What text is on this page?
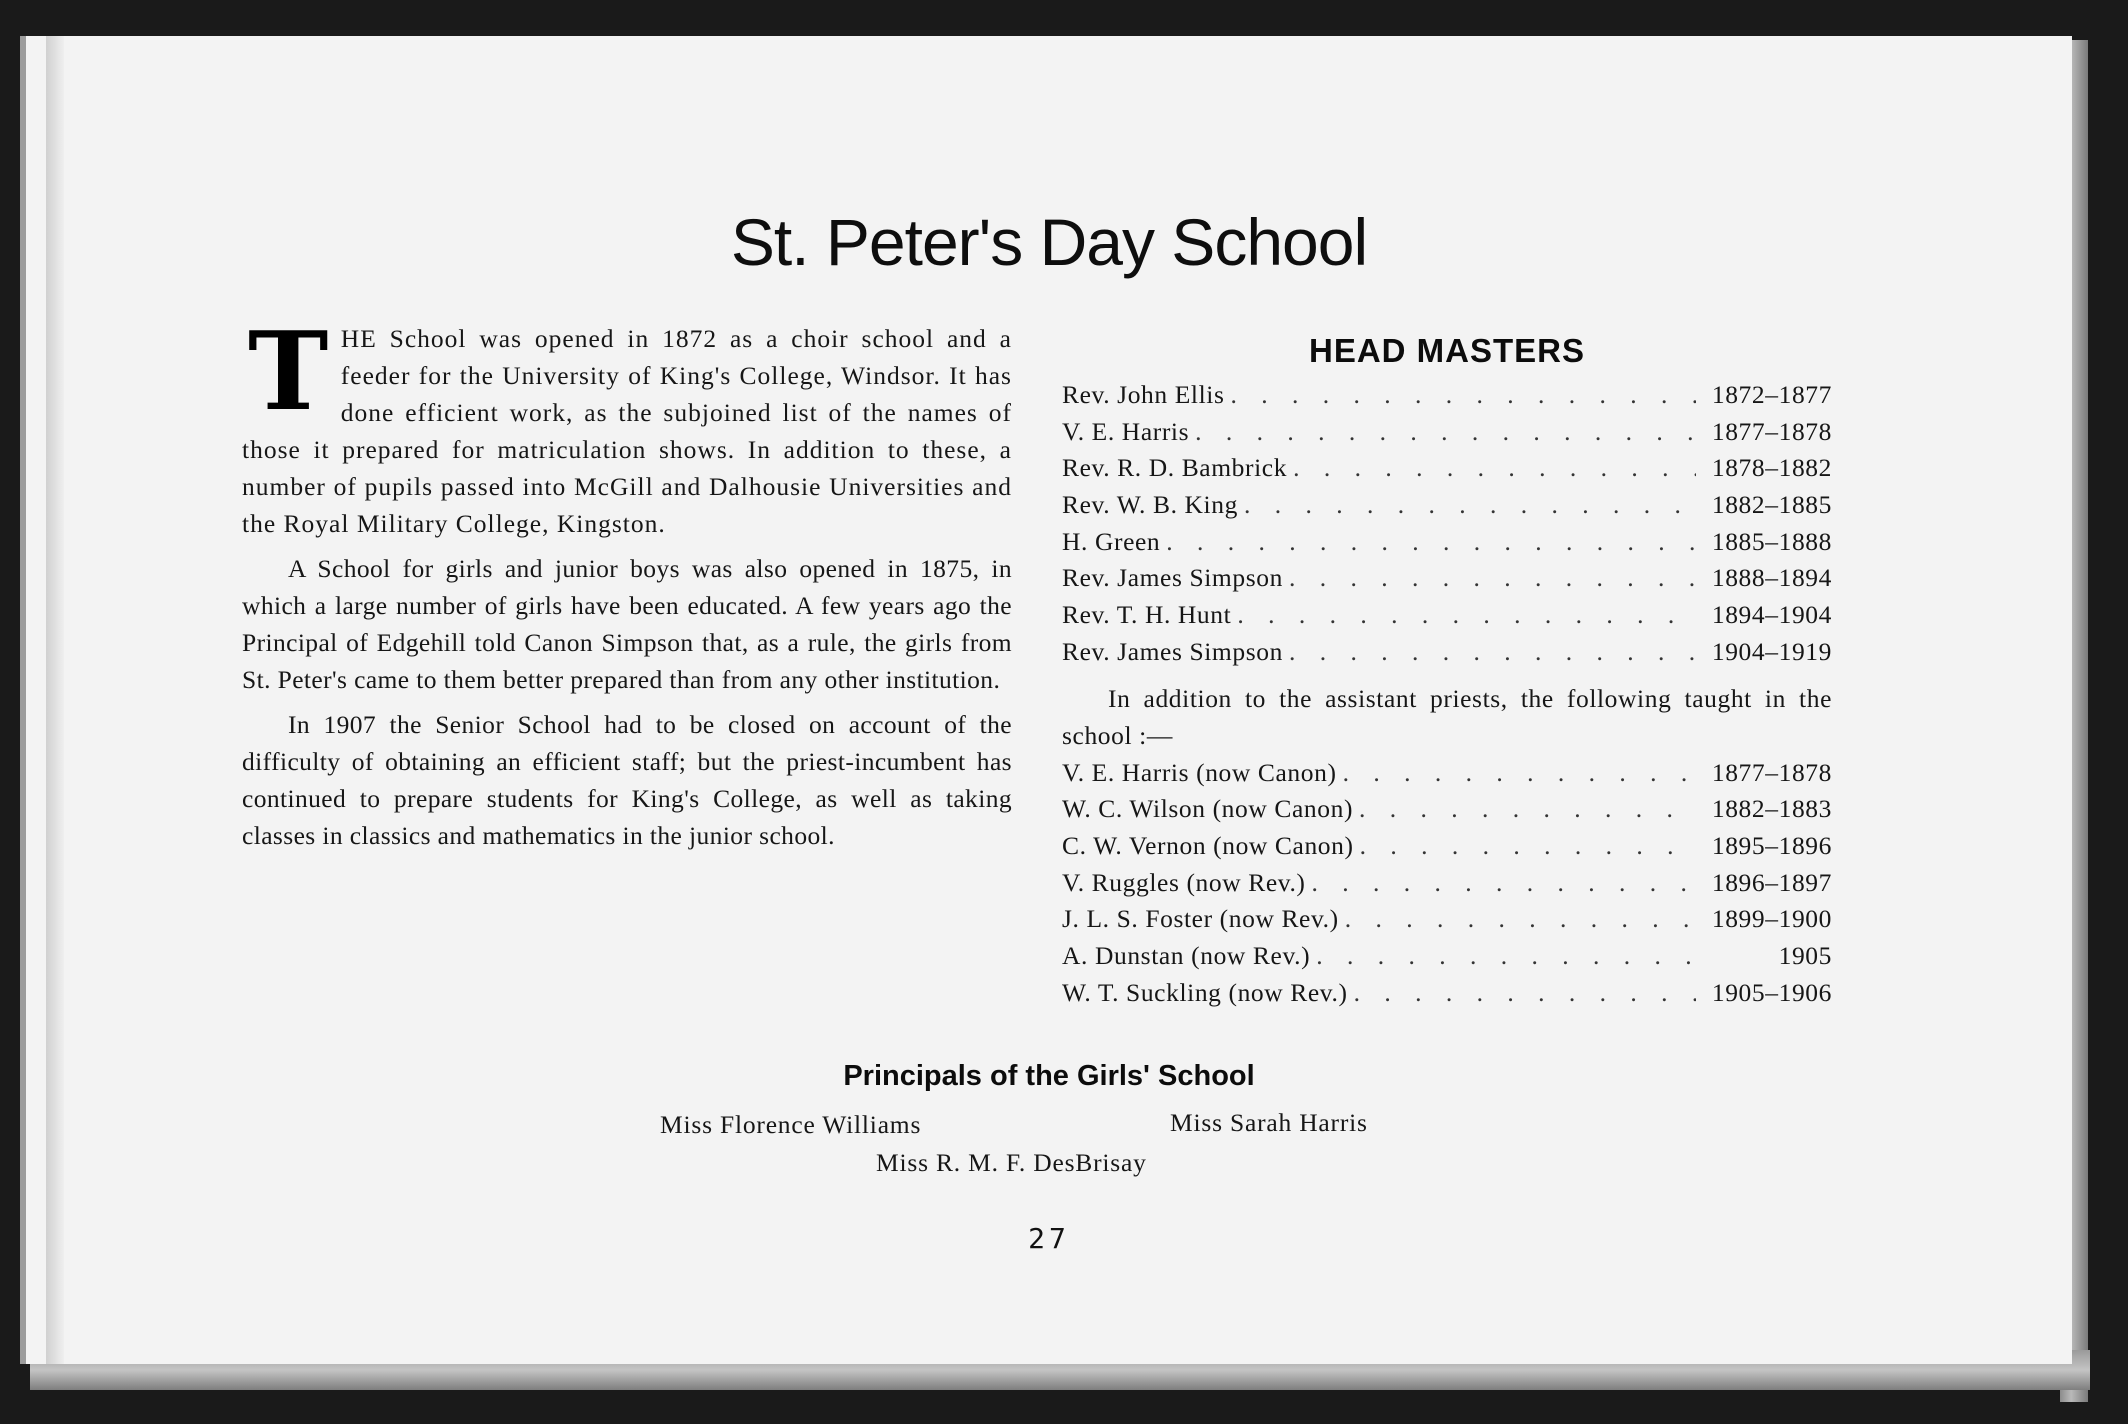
St. Peter's Day School

THE School was opened in 1872 as a choir school and a feeder for the University of King's College, Windsor. It has done efficient work, as the subjoined list of the names of those it prepared for matriculation shows. In addition to these, a number of pupils passed into McGill and Dalhousie Universities and the Royal Military College, Kingston.

A School for girls and junior boys was also opened in 1875, in which a large number of girls have been educated. A few years ago the Principal of Edgehill told Canon Simpson that, as a rule, the girls from St. Peter's came to them better prepared than from any other institution.

In 1907 the Senior School had to be closed on account of the difficulty of obtaining an efficient staff; but the priest-incumbent has continued to prepare students for King's College, as well as taking classes in classics and mathematics in the junior school.

HEAD MASTERS
Rev. John Ellis . . .	1872–1877
V. E. Harris . . .	1877–1878
Rev. R. D. Bambrick . . .	1878–1882
Rev. W. B. King . . .	1882–1885
H. Green . . .	1885–1888
Rev. James Simpson . . .	1888–1894
Rev. T. H. Hunt . . .	1894–1904
Rev. James Simpson . . .	1904–1919
In addition to the assistant priests, the following taught in the school :—
V. E. Harris (now Canon) . . .	1877–1878
W. C. Wilson (now Canon) . . .	1882–1883
C. W. Vernon (now Canon) . . .	1895–1896
V. Ruggles (now Rev.) . . .	1896–1897
J. L. S. Foster (now Rev.) . . .	1899–1900
A. Dunstan (now Rev.) . . .	1905
W. T. Suckling (now Rev.) . . .	1905–1906
Principals of the Girls' School
Miss Florence Williams	Miss Sarah Harris
Miss R. M. F. DesBrisay
27
